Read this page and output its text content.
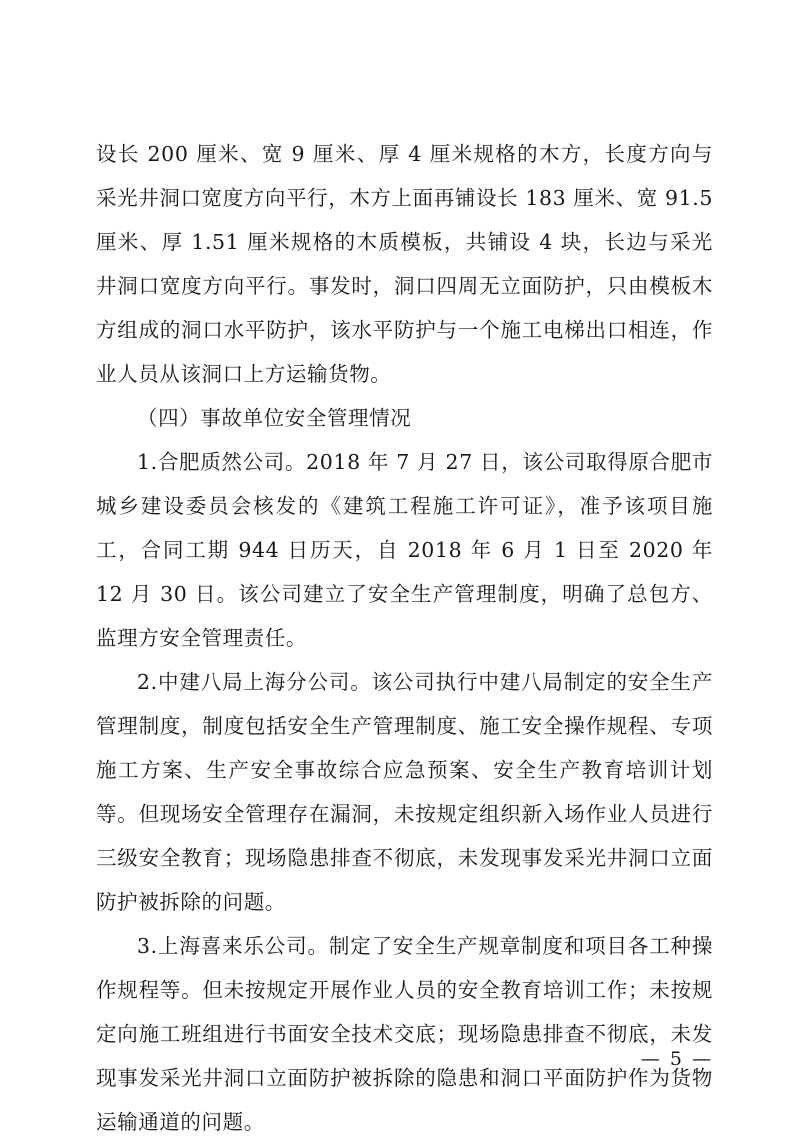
设长 200 厘米、宽 9 厘米、厚 4 厘米规格的木方，长度方向与采光井洞口宽度方向平行，木方上面再铺设长 183 厘米、宽 91.5 厘米、厚 1.51 厘米规格的木质模板，共铺设 4 块，长边与采光井洞口宽度方向平行。事发时，洞口四周无立面防护，只由模板木方组成的洞口水平防护，该水平防护与一个施工电梯出口相连，作业人员从该洞口上方运输货物。

（四）事故单位安全管理情况

1.合肥质然公司。2018 年 7 月 27 日，该公司取得原合肥市城乡建设委员会核发的《建筑工程施工许可证》，准予该项目施工，合同工期 944 日历天，自 2018 年 6 月 1 日至 2020 年 12 月 30 日。该公司建立了安全生产管理制度，明确了总包方、监理方安全管理责任。

2.中建八局上海分公司。该公司执行中建八局制定的安全生产管理制度，制度包括安全生产管理制度、施工安全操作规程、专项施工方案、生产安全事故综合应急预案、安全生产教育培训计划等。但现场安全管理存在漏洞，未按规定组织新入场作业人员进行三级安全教育；现场隐患排查不彻底，未发现事发采光井洞口立面防护被拆除的问题。

3.上海喜来乐公司。制定了安全生产规章制度和项目各工种操作规程等。但未按规定开展作业人员的安全教育培训工作；未按规定向施工班组进行书面安全技术交底；现场隐患排查不彻底，未发现事发采光井洞口立面防护被拆除的隐患和洞口平面防护作为货物运输通道的问题。

— 5 —
